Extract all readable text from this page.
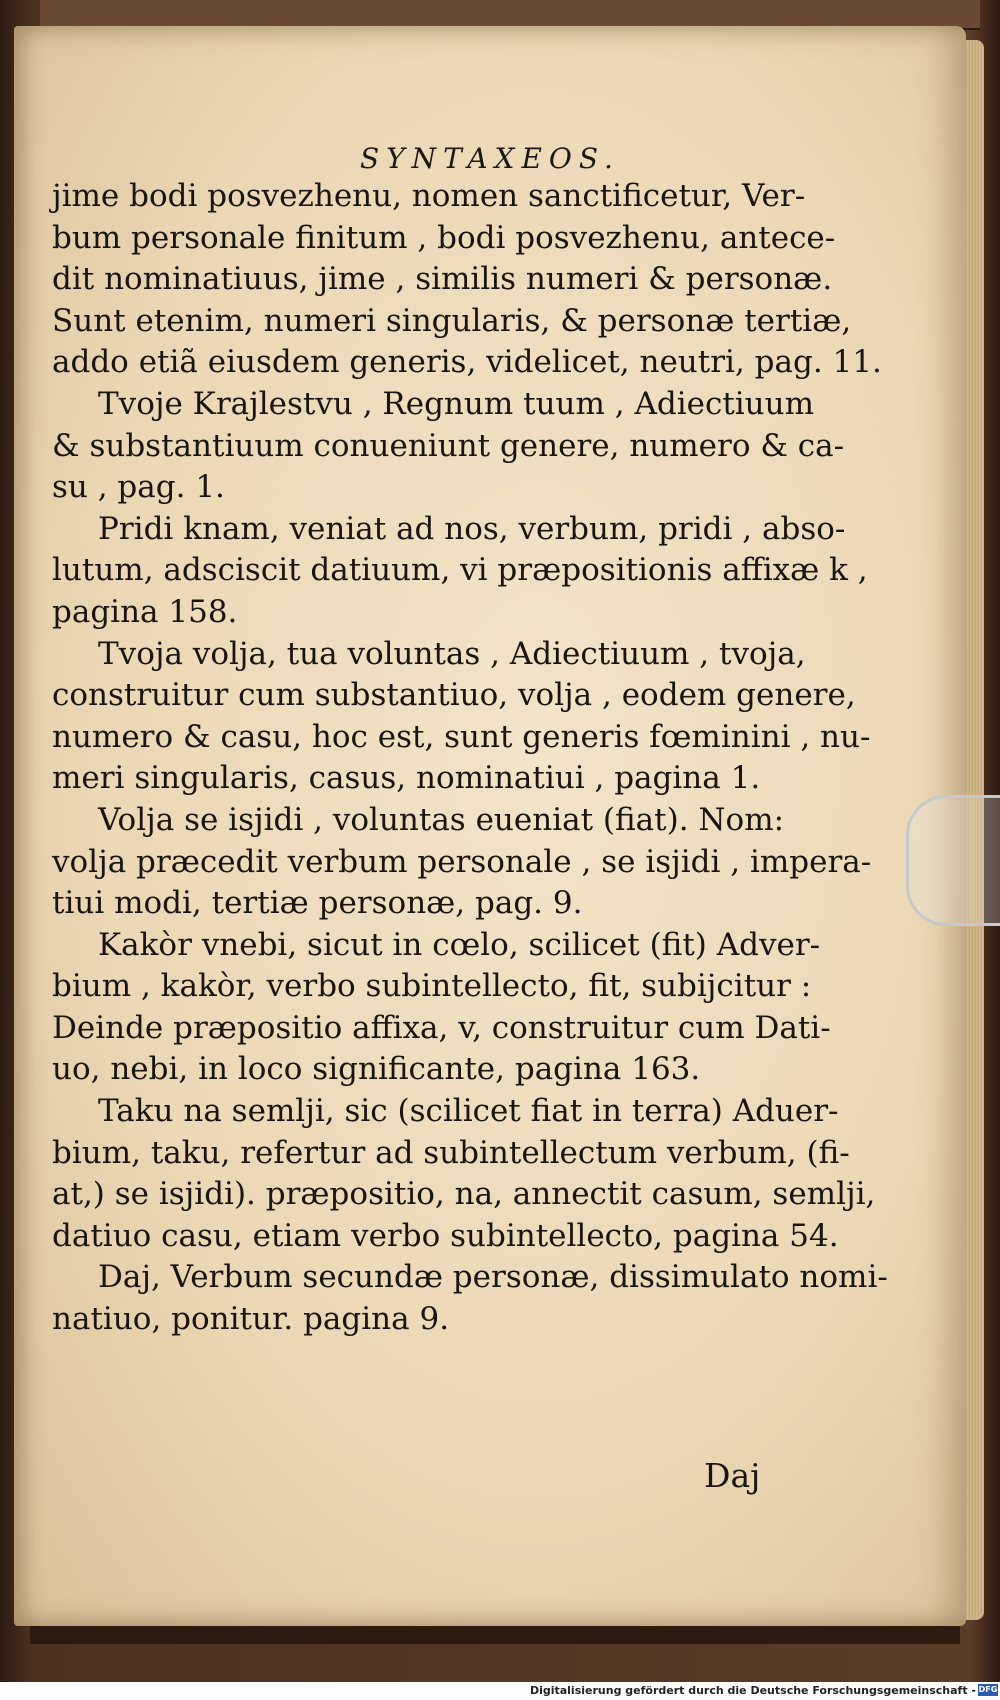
SYNTAXEOS.
jime bodi posvezhenu, nomen sanctificetur, Ver-
bum personale finitum , bodi posvezhenu, antece-
dit nominatiuus, jime , similis numeri & personæ.
Sunt etenim, numeri singularis, & personæ tertiæ,
addo etiã eiusdem generis, videlicet, neutri, pag. 11.
Tvoje Krajlestvu , Regnum tuum , Adiectiuum
& substantiuum conueniunt genere, numero & ca-
su , pag. 1.
Pridi knam, veniat ad nos, verbum, pridi , abso-
lutum, adsciscit datiuum, vi præpositionis affixæ k ,
pagina 158.
Tvoja volja, tua voluntas , Adiectiuum , tvoja,
construitur cum substantiuo, volja , eodem genere,
numero & casu, hoc est, sunt generis fœminini , nu-
meri singularis, casus, nominatiui , pagina 1.
Volja se isjidi , voluntas eueniat (fiat). Nom:
volja præcedit verbum personale , se isjidi , impera-
tiui modi, tertiæ personæ, pag. 9.
Kakòr vnebi, sicut in cœlo, scilicet (fit) Adver-
bium , kakòr, verbo subintellecto, fit, subijcitur :
Deinde præpositio affixa, v, construitur cum Dati-
uo, nebi, in loco significante, pagina 163.
Taku na semlji, sic (scilicet fiat in terra) Aduer-
bium, taku, refertur ad subintellectum verbum, (fi-
at,) se isjidi). præpositio, na, annectit casum, semlji,
datiuo casu, etiam verbo subintellecto, pagina 54.
Daj, Verbum secundæ personæ, dissimulato nomi-
natiuo, ponitur. pagina 9.
Daj
Digitalisierung gefördert durch die Deutsche Forschungsgemeinschaft - DFG
